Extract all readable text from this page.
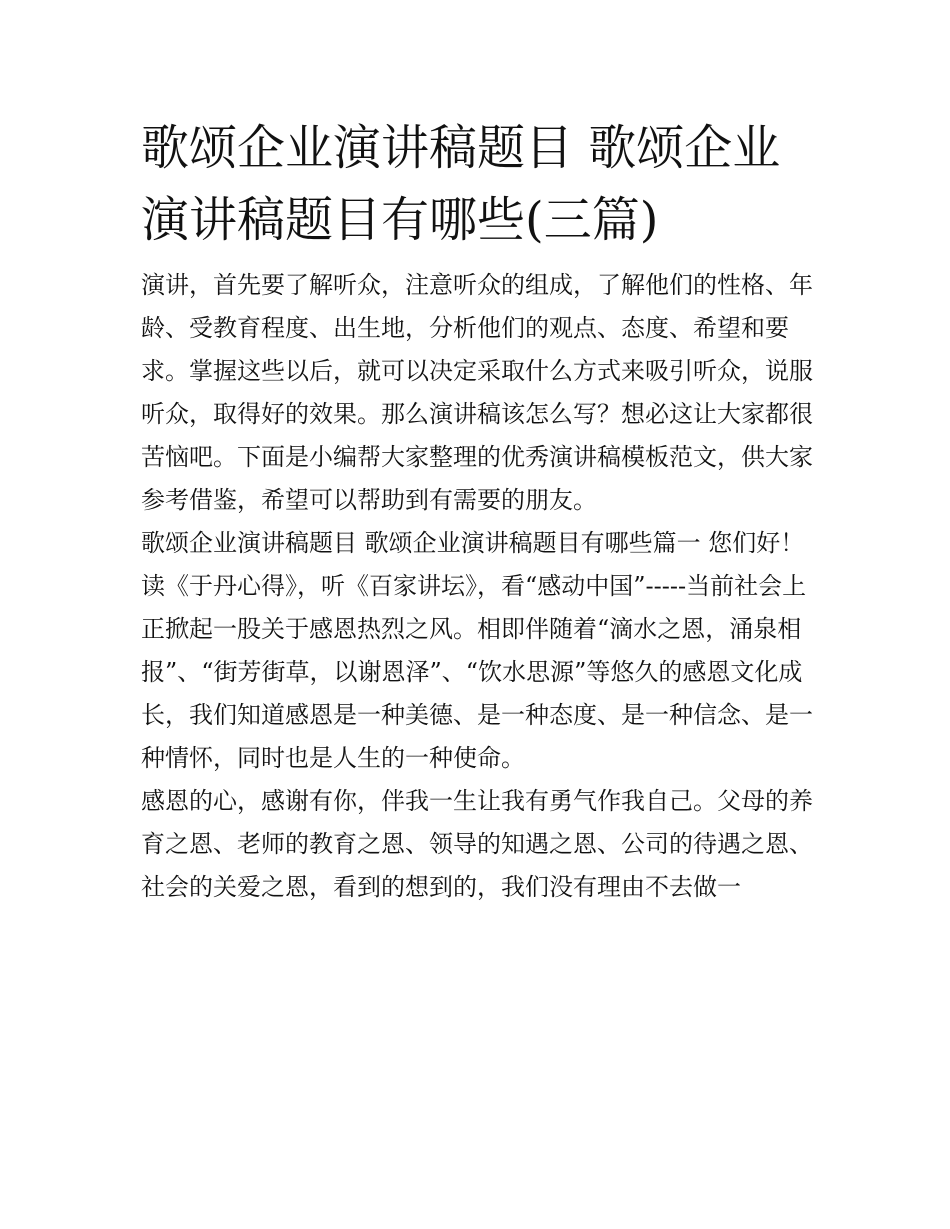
歌颂企业演讲稿题目 歌颂企业演讲稿题目有哪些(三篇)

演讲，首先要了解听众，注意听众的组成，了解他们的性格、年龄、受教育程度、出生地，分析他们的观点、态度、希望和要求。掌握这些以后，就可以决定采取什么方式来吸引听众，说服听众，取得好的效果。那么演讲稿该怎么写？想必这让大家都很苦恼吧。下面是小编帮大家整理的优秀演讲稿模板范文，供大家参考借鉴，希望可以帮助到有需要的朋友。

歌颂企业演讲稿题目 歌颂企业演讲稿题目有哪些篇一 您们好！

读《于丹心得》，听《百家讲坛》，看“感动中国”-----当前社会上正掀起一股关于感恩热烈之风。相即伴随着“滴水之恩，涌泉相报”、“街芳街草，以谢恩泽”、“饮水思源”等悠久的感恩文化成长，我们知道感恩是一种美德、是一种态度、是一种信念、是一种情怀，同时也是人生的一种使命。

感恩的心，感谢有你，伴我一生让我有勇气作我自己。父母的养育之恩、老师的教育之恩、领导的知遇之恩、公司的待遇之恩、社会的关爱之恩，看到的想到的，我们没有理由不去做一
